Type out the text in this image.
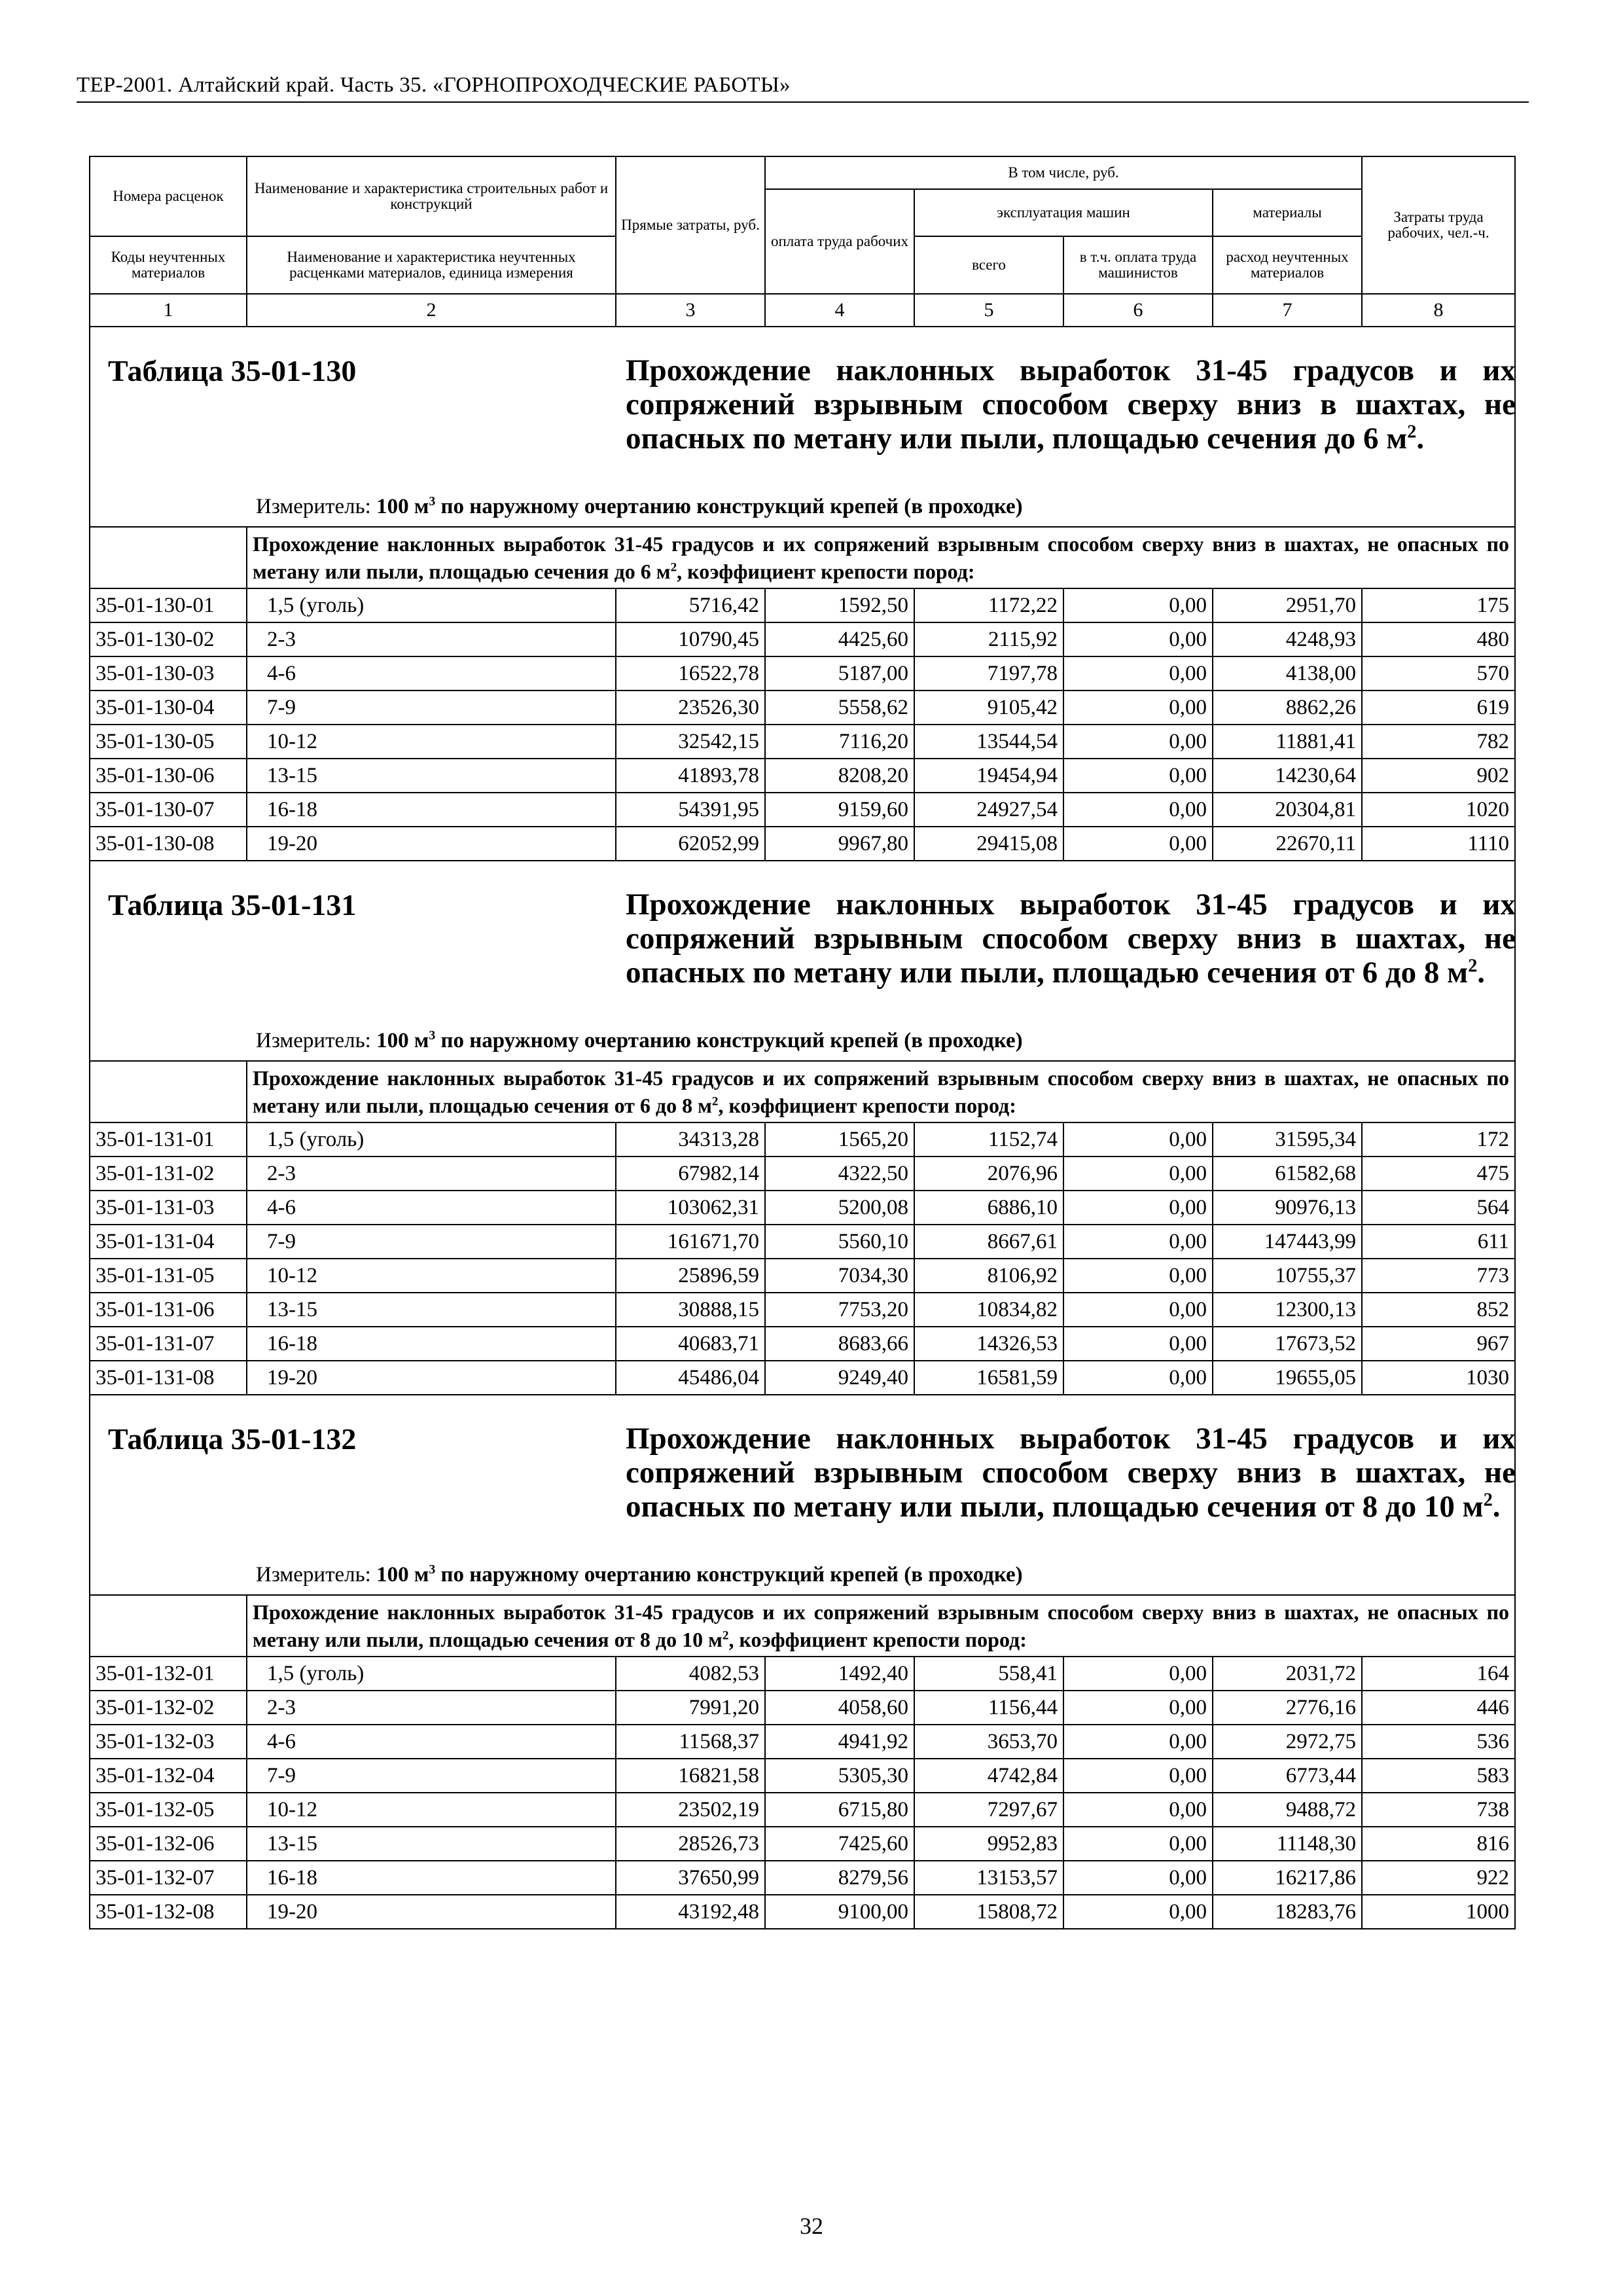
ТЕР-2001. Алтайский край. Часть 35. «ГОРНОПРОХОДЧЕСКИЕ РАБОТЫ»
Номера расценок	Наименование и характеристика строительных работ и конструкций	Прямые затраты, руб.	В том числе, руб.				Затраты труда рабочих, чел.-ч.
			оплата труда рабочих	эксплуатация машин		материалы	
Коды неучтенных материалов	Наименование и характеристика неучтенных расценками материалов, единица измерения			всего	в т.ч. оплата труда машинистов	расход неучтенных материалов	

1	2	3	4	5	6	7	8

Таблица 35-01-130 Прохождение наклонных выработок 31-45 градусов и их сопряжений взрывным способом сверху вниз в шахтах, не опасных по метану или пыли, площадью сечения до 6 $м^2$.
Измеритель: 100 $м^3$ по наружному очертанию конструкций крепей (в проходке)							

	Прохождение наклонных выработок 31-45 градусов и их сопряжений взрывным способом сверху вниз в шахтах, не опасных по метану или пыли, площадью сечения до 6 $м^2$, коэффициент крепости пород:						
35-01-130-01	1,5 (уголь)	5716,42	1592,50	1172,22	0,00	2951,70	175
35-01-130-02	2-3	10790,45	4425,60	2115,92	0,00	4248,93	480
35-01-130-03	4-6	16522,78	5187,00	7197,78	0,00	4138,00	570
35-01-130-04	7-9	23526,30	5558,62	9105,42	0,00	8862,26	619
35-01-130-05	10-12	32542,15	7116,20	13544,54	0,00	11881,41	782
35-01-130-06	13-15	41893,78	8208,20	19454,94	0,00	14230,64	902
35-01-130-07	16-18	54391,95	9159,60	24927,54	0,00	20304,81	1020
35-01-130-08	19-20	62052,99	9967,80	29415,08	0,00	22670,11	1110

Таблица 35-01-131 Прохождение наклонных выработок 31-45 градусов и их сопряжений взрывным способом сверху вниз в шахтах, не опасных по метану или пыли, площадью сечения от 6 до 8 $м^2$.
Измеритель: 100 $м^3$ по наружному очертанию конструкций крепей (в проходке)							

	Прохождение наклонных выработок 31-45 градусов и их сопряжений взрывным способом сверху вниз в шахтах, не опасных по метану или пыли, площадью сечения от 6 до 8 $м^2$, коэффициент крепости пород:						
35-01-131-01	1,5 (уголь)	34313,28	1565,20	1152,74	0,00	31595,34	172
35-01-131-02	2-3	67982,14	4322,50	2076,96	0,00	61582,68	475
35-01-131-03	4-6	103062,31	5200,08	6886,10	0,00	90976,13	564
35-01-131-04	7-9	161671,70	5560,10	8667,61	0,00	147443,99	611
35-01-131-05	10-12	25896,59	7034,30	8106,92	0,00	10755,37	773
35-01-131-06	13-15	30888,15	7753,20	10834,82	0,00	12300,13	852
35-01-131-07	16-18	40683,71	8683,66	14326,53	0,00	17673,52	967
35-01-131-08	19-20	45486,04	9249,40	16581,59	0,00	19655,05	1030

Таблица 35-01-132 Прохождение наклонных выработок 31-45 градусов и их сопряжений взрывным способом сверху вниз в шахтах, не опасных по метану или пыли, площадью сечения от 8 до 10 $м^2$.
Измеритель: 100 $м^3$ по наружному очертанию конструкций крепей (в проходке)							

	Прохождение наклонных выработок 31-45 градусов и их сопряжений взрывным способом сверху вниз в шахтах, не опасных по метану или пыли, площадью сечения от 8 до 10 $м^2$, коэффициент крепости пород:						
35-01-132-01	1,5 (уголь)	4082,53	1492,40	558,41	0,00	2031,72	164
35-01-132-02	2-3	7991,20	4058,60	1156,44	0,00	2776,16	446
35-01-132-03	4-6	11568,37	4941,92	3653,70	0,00	2972,75	536
35-01-132-04	7-9	16821,58	5305,30	4742,84	0,00	6773,44	583
35-01-132-05	10-12	23502,19	6715,80	7297,67	0,00	9488,72	738
35-01-132-06	13-15	28526,73	7425,60	9952,83	0,00	11148,30	816
35-01-132-07	16-18	37650,99	8279,56	13153,57	0,00	16217,86	922
35-01-132-08	19-20	43192,48	9100,00	15808,72	0,00	18283,76	1000
32
